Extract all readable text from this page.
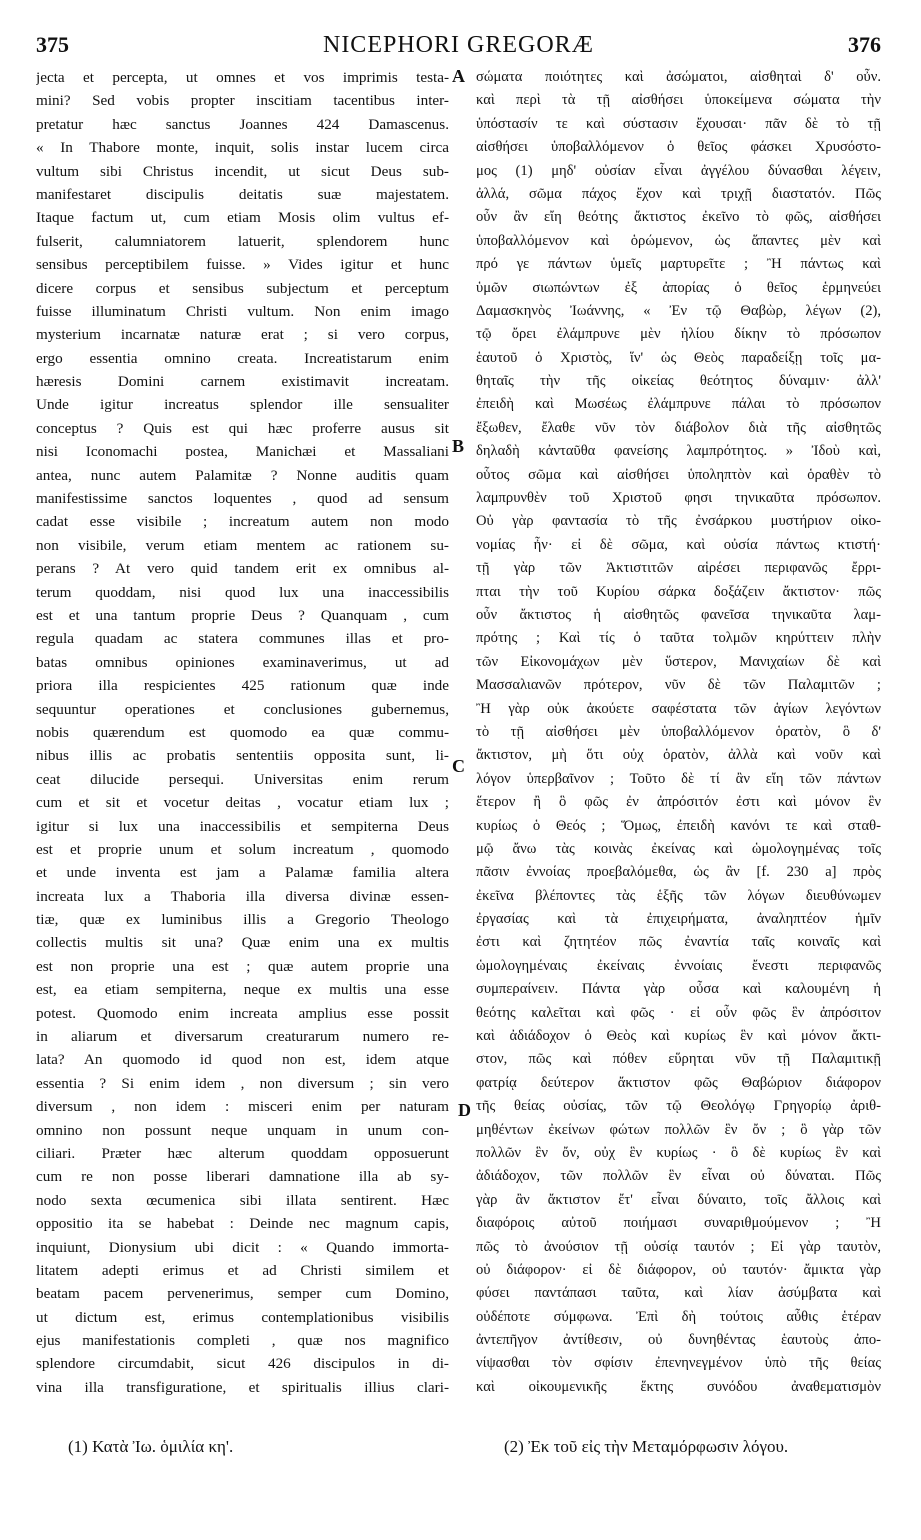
375	NICEPHORI GREGORÆ	376
jecta et percepta, ut omnes et vos imprimis testa-
mini? Sed vobis propter inscitiam tacentibus inter-
pretatur hæc sanctus Joannes 424 Damascenus.
« In Thabore monte, inquit, solis instar lucem circa
vultum sibi Christus incendit, ut sicut Deus sub-
manifestaret discipulis deitatis suæ majestatem.
Itaque factum ut, cum etiam Mosis olim vultus ef-
fulserit, calumniatorem latuerit, splendorem hunc
sensibus perceptibilem fuisse. » Vides igitur et hunc
dicere corpus et sensibus subjectum et perceptum
fuisse illuminatum Christi vultum. Non enim imago
mysterium incarnatæ naturæ erat ; si vero corpus,
ergo essentia omnino creata. Increatistarum enim
hæresis Domini carnem existimavit increatam.
Unde igitur increatus splendor ille sensualiter
conceptus ? Quis est qui hæc proferre ausus sit
nisi Iconomachi postea, Manichæi et Massaliani
antea, nunc autem Palamitæ ? Nonne auditis quam
manifestissime sanctos loquentes , quod ad sensum
cadat esse visibile ; increatum autem non modo
non visibile, verum etiam mentem ac rationem su-
perans ? At vero quid tandem erit ex omnibus al-
terum quoddam, nisi quod lux una inaccessibilis
est et una tantum proprie Deus ? Quanquam , cum
regula quadam ac statera communes illas et pro-
batas omnibus opiniones examinaverimus, ut ad
priora illa respicientes 425 rationum quæ inde
sequuntur operationes et conclusiones gubernemus,
nobis quærendum est quomodo ea quæ commu-
nibus illis ac probatis sententiis opposita sunt, li-
ceat dilucide persequi. Universitas enim rerum
cum et sit et vocetur deitas , vocatur etiam lux ;
igitur si lux una inaccessibilis et sempiterna Deus
est et proprie unum et solum increatum , quomodo
et unde inventa est jam a Palamæ familia altera
increata lux a Thaboria illa diversa divinæ essen-
tiæ, quæ ex luminibus illis a Gregorio Theologo
collectis multis sit una? Quæ enim una ex multis
est non proprie una est ; quæ autem proprie una
est, ea etiam sempiterna, neque ex multis una esse
potest. Quomodo enim increata amplius esse possit
in aliarum et diversarum creaturarum numero re-
lata? An quomodo id quod non est, idem atque
essentia ? Si enim idem , non diversum ; sin vero
diversum , non idem : misceri enim per naturam
omnino non possunt neque unquam in unum con-
ciliari. Præter hæc alterum quoddam opposuerunt
cum re non posse liberari damnatione illa ab sy-
nodo sexta œcumenica sibi illata sentirent. Hæc
oppositio ita se habebat : Deinde nec magnum capis,
inquiunt, Dionysium ubi dicit : « Quando immorta-
litatem adepti erimus et ad Christi similem et
beatam pacem pervenerimus, semper cum Domino,
ut dictum est, erimus contemplationibus visibilis
ejus manifestationis completi , quæ nos magnifico
splendore circumdabit, sicut 426 discipulos in di-
vina illa transfiguratione, et spiritualis illius clari-
σώματα ποιότητες καὶ ἀσώματοι, αἰσθηταὶ δ' οὖν.
καὶ περὶ τὰ τῇ αἰσθήσει ὑποκείμενα σώματα τὴν
ὑπόστασίν τε καὶ σύστασιν ἔχουσαι· πᾶν δὲ τὸ τῇ
αἰσθήσει ὑποβαλλόμενον ὁ θεῖος φάσκει Χρυσόστο-
μος (1) μηδ' οὐσίαν εἶναι ἀγγέλου δύνασθαι λέγειν,
ἀλλά, σῶμα πάχος ἔχον καὶ τριχῇ διαστατόν. Πῶς
οὖν ἂν εἴη θεότης ἄκτιστος ἐκεῖνο τὸ φῶς, αἰσθήσει
ὑποβαλλόμενον καὶ ὁρώμενον, ὡς ἅπαντες μὲν καὶ
πρό γε πάντων ὑμεῖς μαρτυρεῖτε ; Ἢ πάντως καὶ
ὑμῶν σιωπώντων ἐξ ἀπορίας ὁ θεῖος ἑρμηνεύει
Δαμασκηνὸς Ἰωάννης, « Ἐν τῷ Θαβὼρ, λέγων (2),
τῷ ὄρει ἐλάμπρυνε μὲν ἡλίου δίκην τὸ πρόσωπον
ἑαυτοῦ ὁ Χριστὸς, ἵν' ὡς Θεὸς παραδείξῃ τοῖς μα-
θηταῖς τὴν τῆς οἰκείας θεότητος δύναμιν· ἀλλ'
ἐπειδὴ καὶ Μωσέως ἐλάμπρυνε πάλαι τὸ πρόσωπον
ἔξωθεν, ἔλαθε νῦν τὸν διάβολον διὰ τῆς αἰσθητῶς
δηλαδὴ κἀνταῦθα φανείσης λαμπρότητος. » Ἰδοὺ καὶ,
οὗτος σῶμα καὶ αἰσθήσει ὑποληπτὸν καὶ ὁραθὲν τὸ
λαμπρυνθὲν τοῦ Χριστοῦ φησι τηνικαῦτα πρόσωπον.
Οὐ γὰρ φαντασία τὸ τῆς ἐνσάρκου μυστήριον οἰκο-
νομίας ἦν· εἰ δὲ σῶμα, καὶ οὐσία πάντως κτιστή·
τῇ γὰρ τῶν Ἀκτιστιτῶν αἱρέσει περιφανῶς ἔρρι-
πται τὴν τοῦ Κυρίου σάρκα δοξάζειν ἄκτιστον· πῶς
οὖν ἄκτιστος ἡ αἰσθητῶς φανεῖσα τηνικαῦτα λαμ-
πρότης ; Καὶ τίς ὁ ταῦτα τολμῶν κηρύττειν πλὴν
τῶν Εἰκονομάχων μὲν ὕστερον, Μανιχαίων δὲ καὶ
Μασσαλιανῶν πρότερον, νῦν δὲ τῶν Παλαμιτῶν ;
Ἢ γὰρ οὐκ ἀκούετε σαφέστατα τῶν ἁγίων λεγόντων
τὸ τῇ αἰσθήσει μὲν ὑποβαλλόμενον ὁρατὸν, ὃ δ'
ἄκτιστον, μὴ ὅτι οὐχ ὁρατὸν, ἀλλὰ καὶ νοῦν καὶ
λόγον ὑπερβαῖνον ; Τοῦτο δὲ τί ἂν εἴη τῶν πάντων
ἕτερον ἢ ὃ φῶς ἐν ἀπρόσιτόν ἐστι καὶ μόνον ἓν
κυρίως ὁ Θεός ; Ὅμως, ἐπειδὴ κανόνι τε καὶ σταθ-
μῷ ἄνω τὰς κοινὰς ἐκείνας καὶ ὡμολογημένας τοῖς
πᾶσιν ἐννοίας προεβαλόμεθα, ὡς ἂν [f. 230 a] πρὸς
ἐκεῖνα βλέποντες τὰς ἑξῆς τῶν λόγων διευθύνωμεν
ἐργασίας καὶ τὰ ἐπιχειρήματα, ἀναληπτέον ἡμῖν
ἐστι καὶ ζητητέον πῶς ἐναντία ταῖς κοιναῖς καὶ
ὡμολογημέναις ἐκείναις ἐννοίαις ἔνεστι περιφανῶς
συμπεραίνειν. Πάντα γὰρ οὖσα καὶ καλουμένη ἡ
θεότης καλεῖται καὶ φῶς · εἰ οὖν φῶς ἓν ἀπρόσιτον
καὶ ἀδιάδοχον ὁ Θεὸς καὶ κυρίως ἓν καὶ μόνον ἄκτι-
στον, πῶς καὶ πόθεν εὕρηται νῦν τῇ Παλαμιτικῇ
φατρίᾳ δεύτερον ἄκτιστον φῶς Θαβώριον διάφορον
τῆς θείας οὐσίας, τῶν τῷ Θεολόγῳ Γρηγορίῳ ἀριθ-
μηθέντων ἐκείνων φώτων πολλῶν ἓν ὄν ; ὃ γὰρ τῶν
πολλῶν ἓν ὄν, οὐχ ἓν κυρίως · ὃ δὲ κυρίως ἓν καὶ
ἀδιάδοχον, τῶν πολλῶν ἓν εἶναι οὐ δύναται. Πῶς
γὰρ ἂν ἄκτιστον ἔτ' εἶναι δύναιτο, τοῖς ἄλλοις καὶ
διαφόροις αὐτοῦ ποιήμασι συναριθμούμενον ; Ἢ
πῶς τὸ ἀνούσιον τῇ οὐσίᾳ ταυτόν ; Εἰ γὰρ ταυτὸν,
οὐ διάφορον· εἰ δὲ διάφορον, οὐ ταυτόν· ἄμικτα γὰρ
φύσει παντάπασι ταῦτα, καὶ λίαν ἀσύμβατα καὶ
οὐδέποτε σύμφωνα. Ἐπὶ δὴ τούτοις αὖθις ἑτέραν
ἀντεπῆγον ἀντίθεσιν, οὐ δυνηθέντας ἑαυτοὺς ἀπο-
νίψασθαι τὸν σφίσιν ἐπενηνεγμένον ὑπὸ τῆς θείας
καὶ οἰκουμενικῆς ἕκτης συνόδου ἀναθεματισμὸν
A
B
C
D
(1) Κατὰ Ἰω. ὁμιλία κη'.	(2) Ἐκ τοῦ εἰς τὴν Μεταμόρφωσιν λόγου.
